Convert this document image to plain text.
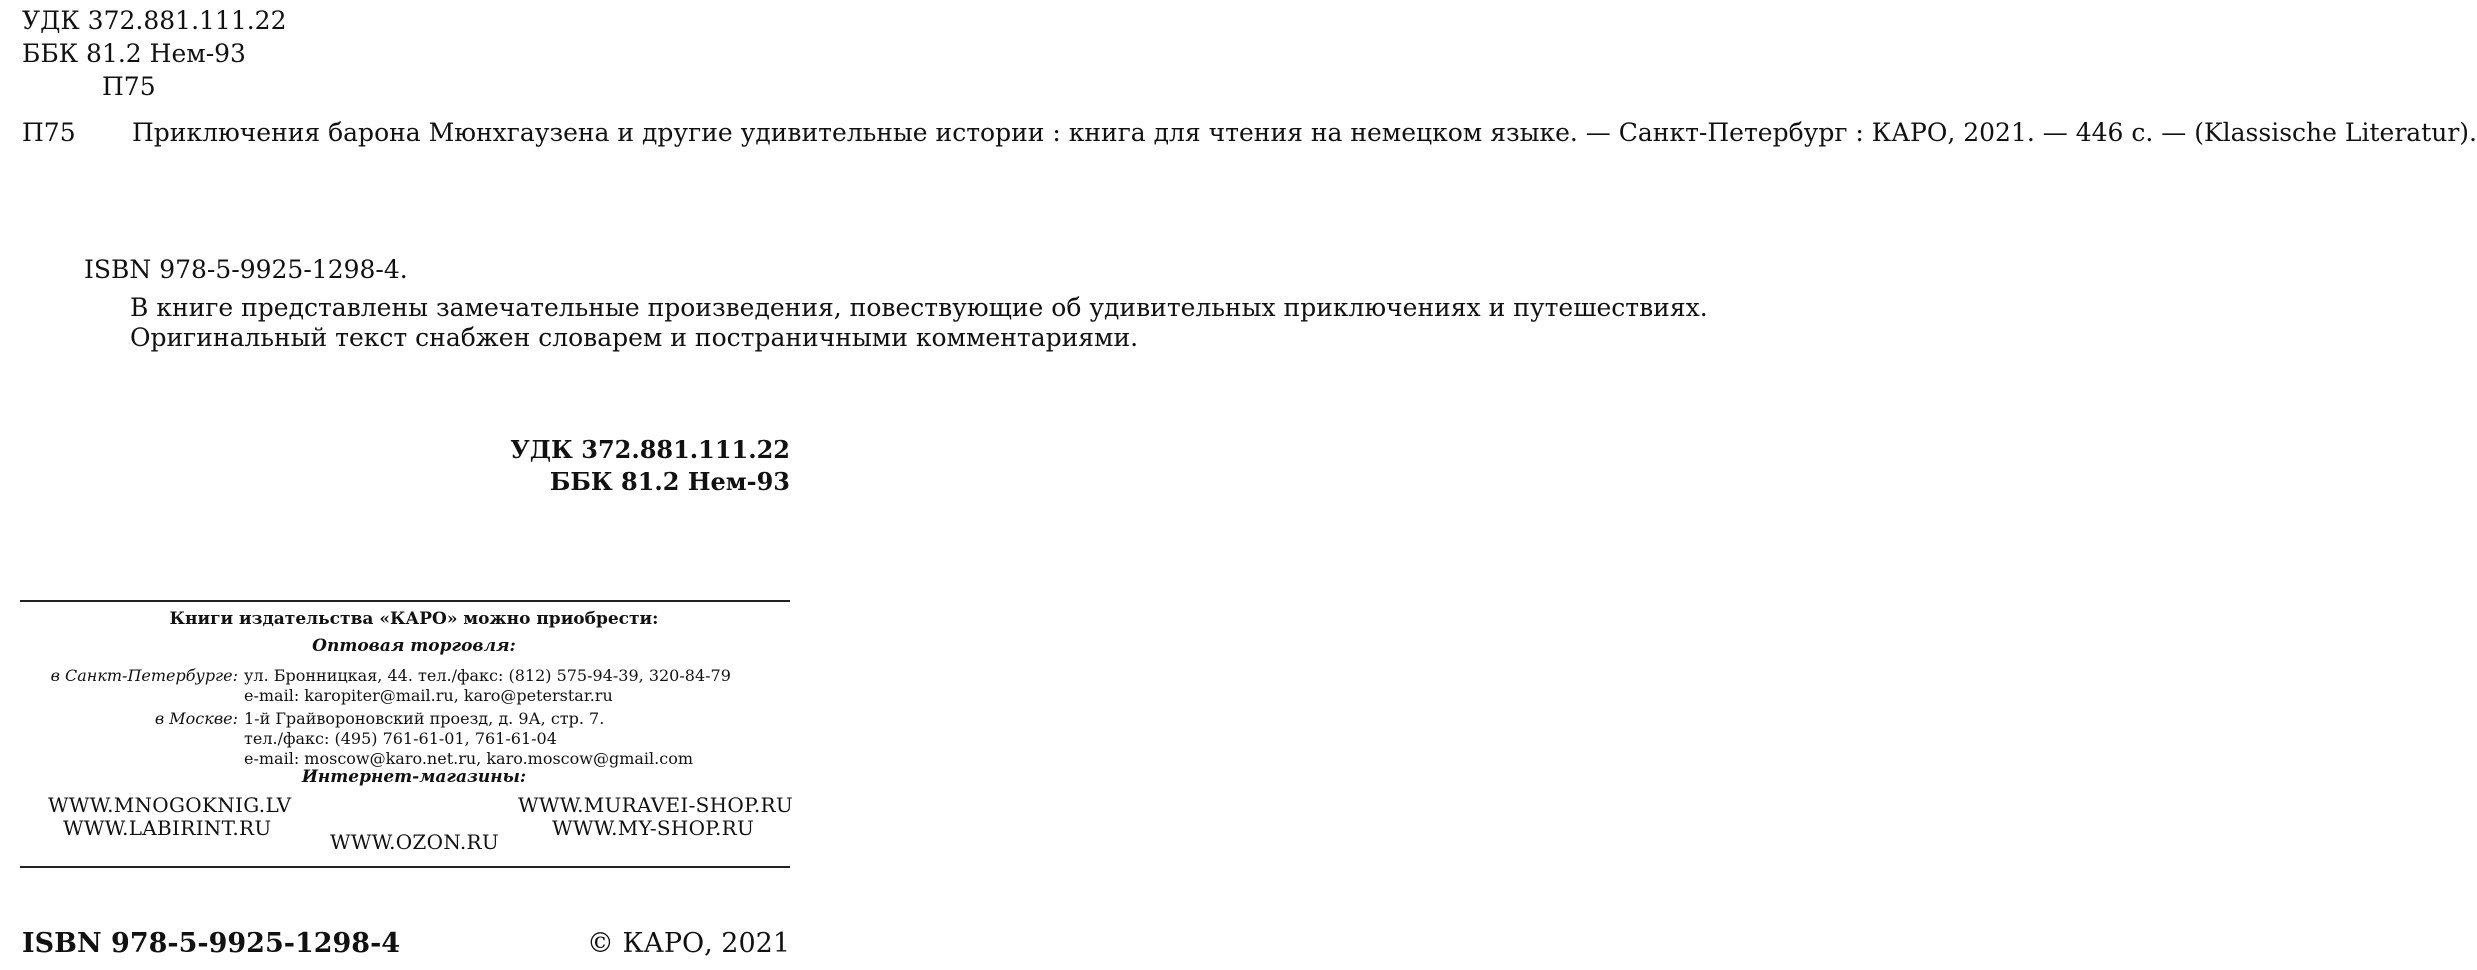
УДК 372.881.111.22
ББК 81.2 Нем-93
П75
П75	Приключения барона Мюнхгаузена и другие удивительные истории : книга для чтения на немецком языке. — Санкт-Петербург : КАРО, 2021. — 446 с. — (Klassische Literatur).
ISBN 978-5-9925-1298-4.

В книге представлены замечательные произведения, повествующие об удивительных приключениях и путешествиях.

Оригинальный текст снабжен словарем и постраничными комментариями.

УДК 372.881.111.22
ББК 81.2 Нем-93
Книги издательства «КАРО» можно приобрести:
Оптовая торговля:
в Санкт-Петербурге: ул. Бронницкая, 44. тел./факс: (812) 575-94-39, 320-84-79
e-mail: karopiter@mail.ru, karo@peterstar.ru
в Москве: 1-й Грайвороновский проезд, д. 9А, стр. 7.
тел./факс: (495) 761-61-01, 761-61-04
e-mail: moscow@karo.net.ru, karo.moscow@gmail.com
Интернет-магазины:
WWW.MNOGOKNIG.LV
WWW.LABIRINT.RU
WWW.OZON.RU
WWW.MURAVEI-SHOP.RU
WWW.MY-SHOP.RU
ISBN 978-5-9925-1298-4	© КАРО, 2021
